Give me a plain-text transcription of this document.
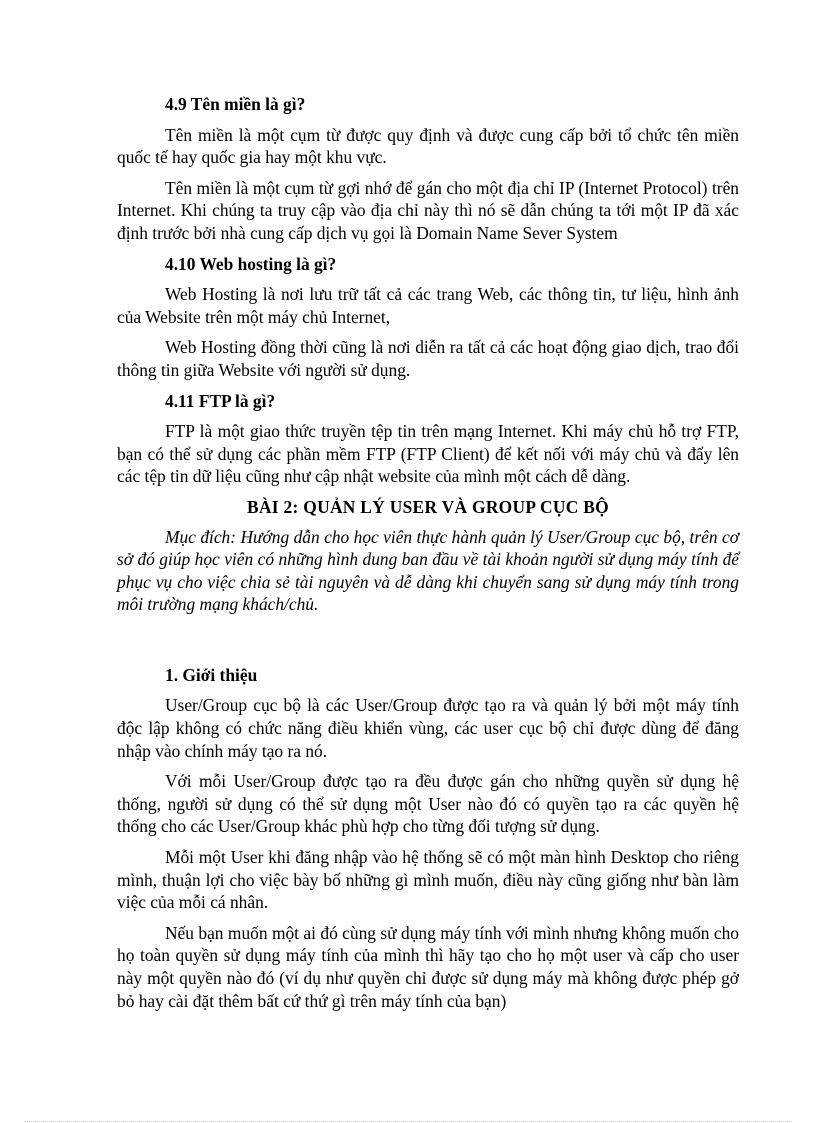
4.9 Tên miền là gì?

Tên miền là một cụm từ được quy định và được cung cấp bởi tổ chức tên miền quốc tế hay quốc gia hay một khu vực.

Tên miền là một cụm từ gợi nhớ để gán cho một địa chỉ IP (Internet Protocol) trên Internet. Khi chúng ta truy cập vào địa chỉ này thì nó sẽ dẫn chúng ta tới một IP đã xác định trước bởi nhà cung cấp dịch vụ gọi là Domain Name Sever System

4.10 Web hosting là gì?

Web Hosting là nơi lưu trữ tất cả các trang Web, các thông tin, tư liệu, hình ảnh của Website trên một máy chủ Internet,

Web Hosting đồng thời cũng là nơi diễn ra tất cả các hoạt động giao dịch, trao đổi thông tin giữa Website với người sử dụng.

4.11 FTP là gì?

FTP là một giao thức truyền tệp tin trên mạng Internet. Khi máy chủ hỗ trợ FTP, bạn có thể sử dụng các phần mềm FTP (FTP Client) để kết nối với máy chủ và đẩy lên các tệp tin dữ liệu cũng như cập nhật website của mình một cách dễ dàng.

BÀI 2: QUẢN LÝ USER VÀ GROUP CỤC BỘ

Mục đích: Hướng dẫn cho học viên thực hành quản lý User/Group cục bộ, trên cơ sở đó giúp học viên có những hình dung ban đầu về tài khoản người sử dụng máy tính để phục vụ cho việc chia sẻ tài nguyên và dễ dàng khi chuyển sang sử dụng máy tính trong môi trường mạng khách/chủ.

1. Giới thiệu

User/Group cục bộ là các User/Group được tạo ra và quản lý bởi một máy tính độc lập không có chức năng điều khiển vùng, các user cục bộ chỉ được dùng để đăng nhập vào chính máy tạo ra nó.

Với mỗi User/Group được tạo ra đều được gán cho những quyền sử dụng hệ thống, người sử dụng có thể sử dụng một User nào đó có quyền tạo ra các quyền hệ thống cho các User/Group khác phù hợp cho từng đối tượng sử dụng.

Mỗi một User khi đăng nhập vào hệ thống sẽ có một màn hình Desktop cho riêng mình, thuận lợi cho việc bày bố những gì mình muốn, điều này cũng giống như bàn làm việc của mỗi cá nhân.

Nếu bạn muốn một ai đó cùng sử dụng máy tính với mình nhưng không muốn cho họ toàn quyền sử dụng máy tính của mình thì hãy tạo cho họ một user và cấp cho user này một quyền nào đó (ví dụ như quyền chỉ được sử dụng máy mà không được phép gở bỏ hay cài đặt thêm bất cứ thứ gì trên máy tính của bạn)
